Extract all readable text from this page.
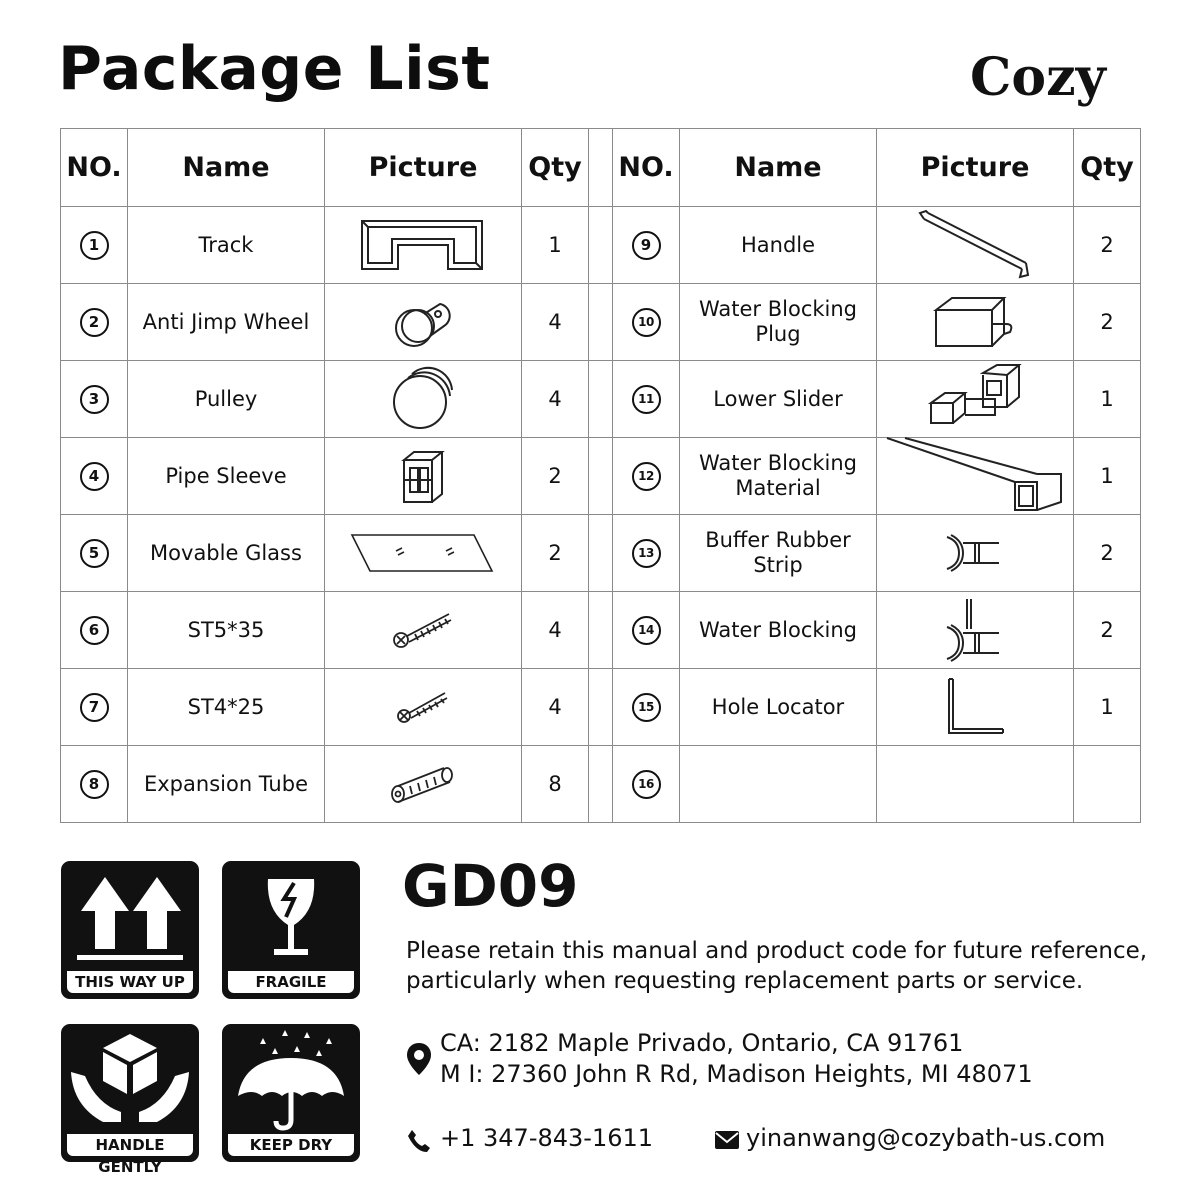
Package List	Cozy
NO.	Name	Picture	Qty		NO.	Name	Picture	Qty
1	Track		1		9	Handle		2
2	Anti Jimp Wheel		4		10	Water Blocking Plug		2
3	Pulley		4		11	Lower Slider		1
4	Pipe Sleeve		2		12	Water Blocking Material		1
5	Movable Glass		2		13	Buffer Rubber Strip		2
6	ST5*35		4		14	Water Blocking		2
7	ST4*25		4		15	Hole Locator		1
8	Expansion Tube		8		16			
THIS WAY UP	FRAGILE
HANDLE GENTLY
KEEP DRY
GD09
Please retain this manual and product code for future reference,
particularly when requesting replacement parts or service.
CA: 2182 Maple Privado, Ontario, CA 91761
M I: 27360 John R Rd, Madison Heights, MI 48071
+1 347-843-1611	yinanwang@cozybath-us.com
